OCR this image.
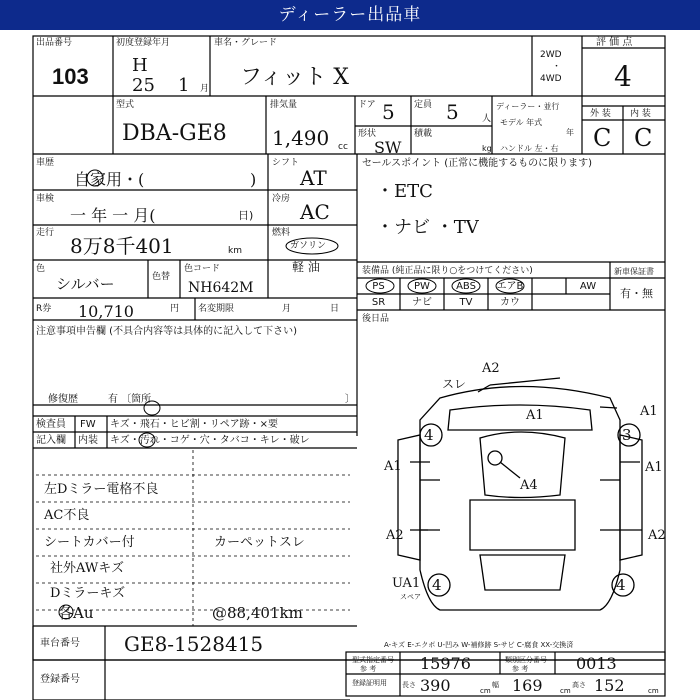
ディーラー出品車
出品番号
103
初度登録年月
H
25 1 月
車名・グレード
フィット X
2WD
・
4WD
評 価 点
4
型式
DBA-GE8
排気量
1,490 cc
ドア 5 定員 5	人
ディーラー・並行
モデル 年式
年
外 装 内 装
C C
形状
SW
積載
kg ハンドル 左・右
車歴
自家用・(	)
シフト
AT
車検
一 年 一 月(	日)
冷房
AC
走行
8万8千401	km
燃料
ガソリン
軽 油
色
シルバー	色替
色コード
NH642M
セールスポイント (正常に機能するものに限ります)
・ETC
・ナビ ・TV
装備品 (純正品に限り○をつけてください)	新車保証書
有・無
PS	PW	ABS	エアB	AW
SR	ナビ	TV	カウ
後日品
R券 10,710	円 名変期限	月	日
注意事項申告欄 (不具合内容等は具体的に記入して下さい)
修復歴	有 〔箇所	〕
検査員
記入欄
FW キズ・飛石・ヒビ割・リペア跡・×要
内装 キズ・汚れ・コゲ・穴・タバコ・キレ・破レ
左Dミラー電格不良
AC不良
シートカバー付
社外AWキズ
Dミラーキズ
各Au
カーペットスレ
@88,401km
A2
スレ
A1	A1
A1
A1
A4
A2	A2
UA1
スペア
4	3
4	4
A-キズ E-エクボ U-凹み W-補修跡 S-サビ C-腐食 XX-交換済
車台番号 GE8-1528415
登録番号
型式指定番号
参 考	15976	類別区分番号
参 考	0013
登録証明用 長さ 390	cm
幅 169 cm
高さ 152	cm
